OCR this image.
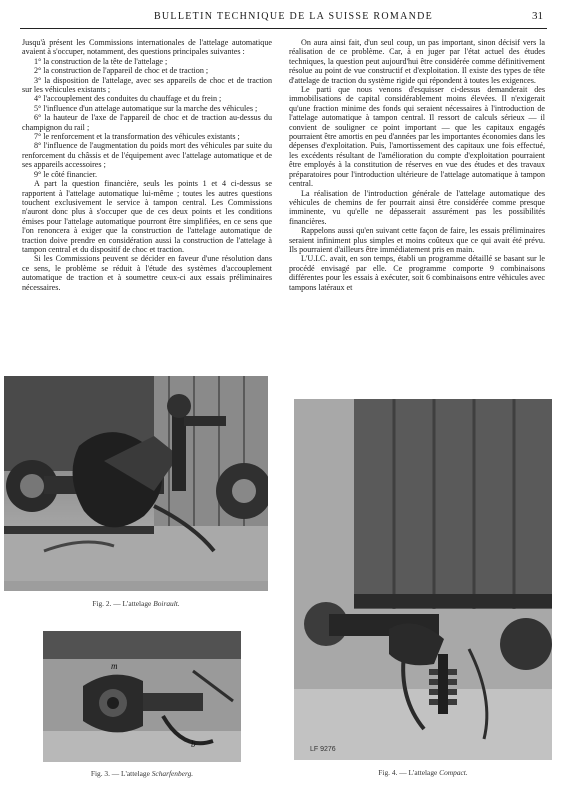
BULLETIN TECHNIQUE DE LA SUISSE ROMANDE	31

Jusqu'à présent les Commissions internationales de l'attelage automatique avaient à s'occuper, notamment, des questions principales suivantes :

1° la construction de la tête de l'attelage ;

2° la construction de l'appareil de choc et de traction ;

3° la disposition de l'attelage, avec ses appareils de choc et de traction sur les véhicules existants ;

4° l'accouplement des conduites du chauffage et du frein ;

5° l'influence d'un attelage automatique sur la marche des véhicules ;

6° la hauteur de l'axe de l'appareil de choc et de traction au-dessus du champignon du rail ;

7° le renforcement et la transformation des véhicules existants ;

8° l'influence de l'augmentation du poids mort des véhicules par suite du renforcement du châssis et de l'équipement avec l'attelage automatique et de ses appareils accessoires ;

9° le côté financier.

A part la question financière, seuls les points 1 et 4 ci-dessus se rapportent à l'attelage automatique lui-même ; toutes les autres questions touchent exclusivement le service à tampon central. Les Commissions n'auront donc plus à s'occuper que de ces deux points et les conditions émises pour l'attelage automatique pourront être simplifiées, en ce sens que l'on renoncera à exiger que la construction de l'attelage automatique de traction doive prendre en considération aussi la construction de l'attelage à tampon central et du dispositif de choc et traction.

Si les Commissions peuvent se décider en faveur d'une résolution dans ce sens, le problème se réduit à l'étude des systèmes d'accouplement automatique de traction et à soumettre ceux-ci aux essais préliminaires nécessaires.

On aura ainsi fait, d'un seul coup, un pas important, sinon décisif vers la réalisation de ce problème. Car, à en juger par l'état actuel des études techniques, la question peut aujourd'hui être considérée comme définitivement résolue au point de vue constructif et d'exploitation. Il existe des types de tête d'attelage de traction du système rigide qui répondent à toutes les exigences.

Le parti que nous venons d'esquisser ci-dessus demanderait des immobilisations de capital considérablement moins élevées. Il n'exigerait qu'une fraction minime des fonds qui seraient nécessaires à l'introduction de l'attelage automatique à tampon central. Il ressort de calculs sérieux — il convient de souligner ce point important — que les capitaux engagés pourraient être amortis en peu d'années par les importantes économies dans les dépenses d'exploitation. Puis, l'amortissement des capitaux une fois effectué, les excédents résultant de l'amélioration du compte d'exploitation pourraient être employés à la constitution de réserves en vue des études et des travaux préparatoires pour l'introduction ultérieure de l'attelage automatique à tampon central.

La réalisation de l'introduction générale de l'attelage automatique des véhicules de chemins de fer pourrait ainsi être considérée comme presque imminente, vu qu'elle ne dépasserait assurément pas les possibilités financières.

Rappelons aussi qu'en suivant cette façon de faire, les essais préliminaires seraient infiniment plus simples et moins coûteux que ce qui avait été prévu. Ils pourraient d'ailleurs être immédiatement pris en main.

L'U.I.C. avait, en son temps, établi un programme détaillé se basant sur le procédé envisagé par elle. Ce programme comporte 9 combinaisons différentes pour les essais à exécuter, soit 6 combinaisons entre véhicules avec tampons latéraux et

Fig. 2. — L'attelage Boirault.
m
b
Fig. 3. — L'attelage Scharfenberg.
LF 9276
Fig. 4. — L'attelage Compact.
